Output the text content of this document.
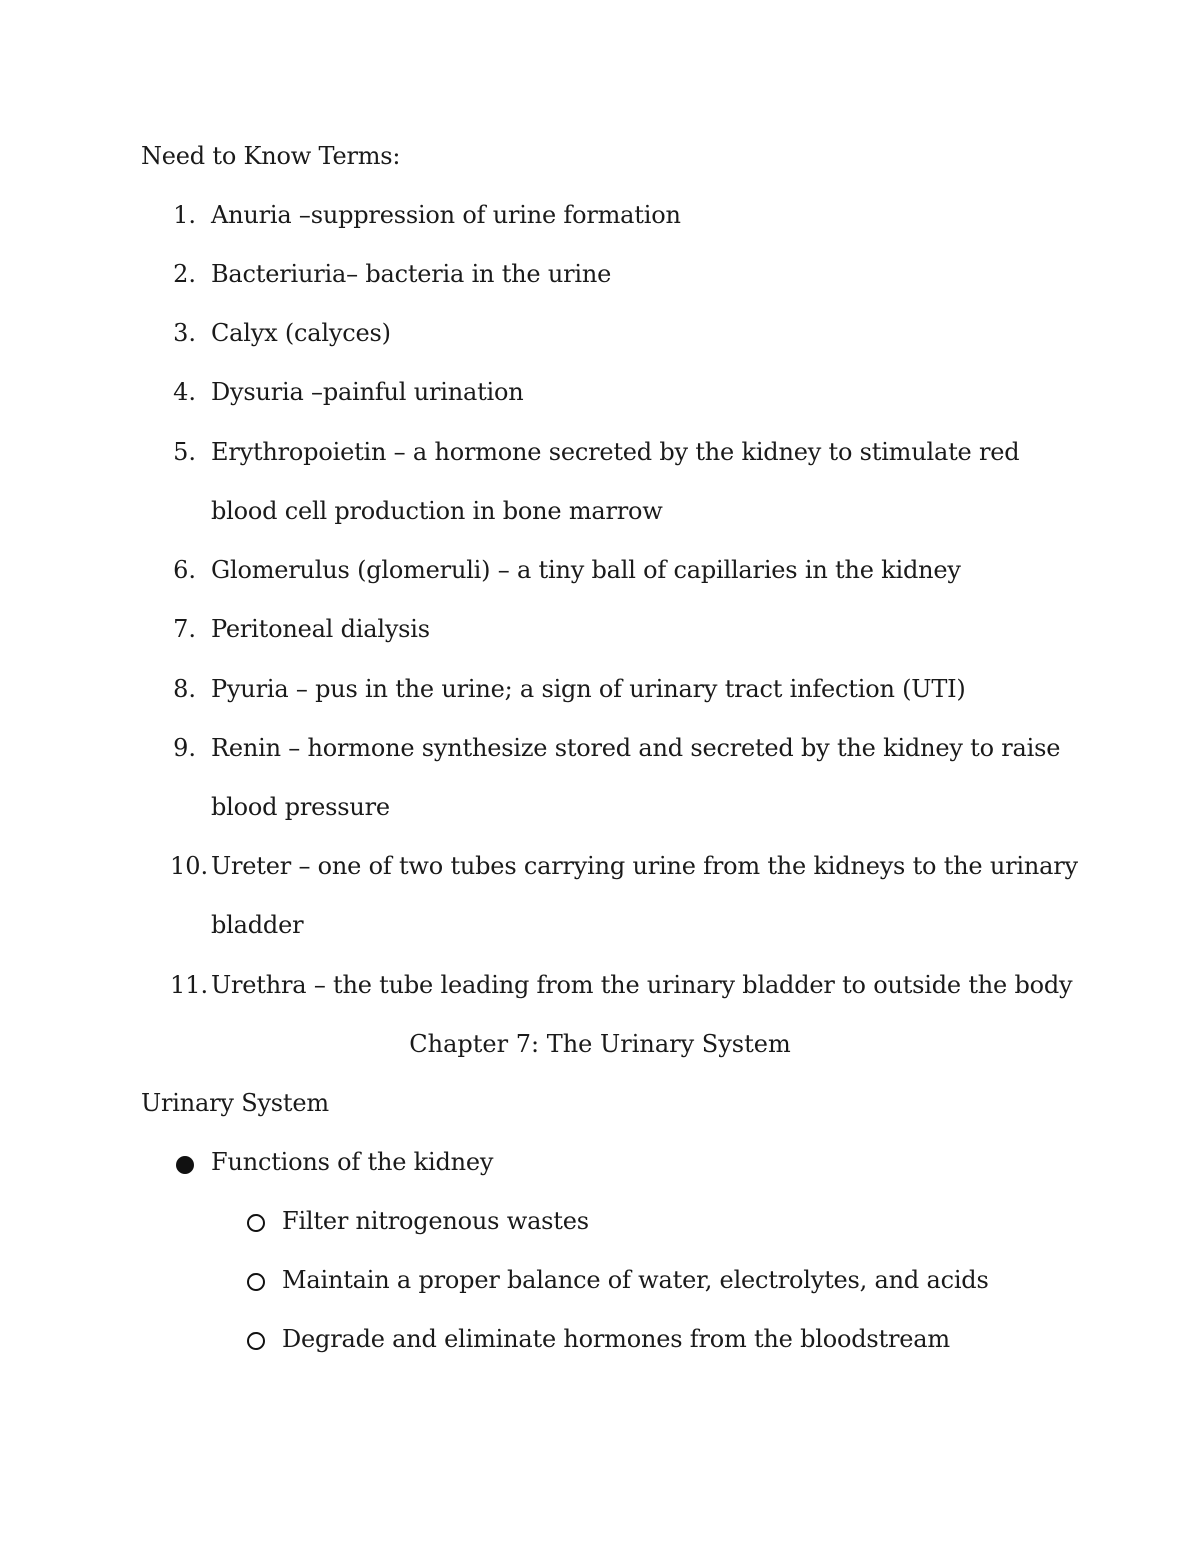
Need to Know Terms:
1. Anuria –suppression of urine formation
2. Bacteriuria– bacteria in the urine
3. Calyx (calyces)
4. Dysuria –painful urination
5. Erythropoietin – a hormone secreted by the kidney to stimulate red
blood cell production in bone marrow
6. Glomerulus (glomeruli) – a tiny ball of capillaries in the kidney
7. Peritoneal dialysis
8. Pyuria – pus in the urine; a sign of urinary tract infection (UTI)
9. Renin – hormone synthesize stored and secreted by the kidney to raise
blood pressure
10. Ureter – one of two tubes carrying urine from the kidneys to the urinary
bladder
11. Urethra – the tube leading from the urinary bladder to outside the body
Chapter 7: The Urinary System
Urinary System
Functions of the kidney
Filter nitrogenous wastes
Maintain a proper balance of water, electrolytes, and acids
Degrade and eliminate hormones from the bloodstream
